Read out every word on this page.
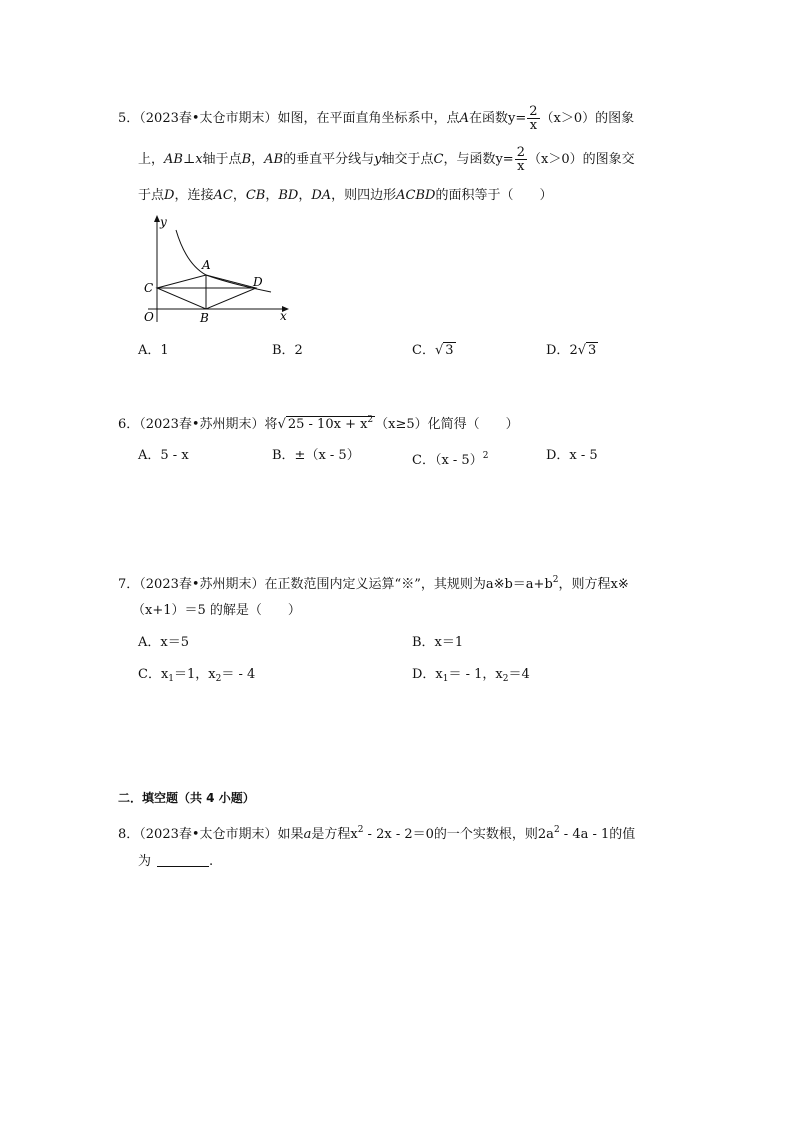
5．（2023春•太仓市期末）如图，在平面直角坐标系中，点A在函数$y= \frac{2}{x} (x>0)$的图象
上，AB⊥x轴于点B，AB的垂直平分线与y轴交于点C，与函数$y= \frac{2}{x} (x>0)$的图象交
于点D，连接AC，CB，BD，DA，则四边形ACBD的面积等于（　　）
y
x
O
A
B
C	D
A．1	B．2	C．√ 3	D．2√ 3
6．（2023春•苏州期末）将√ $25 - 10x + x^2$ （x≥5）化简得（　　）
A．5 - x	B．±（x - 5）	C．（x - 5）$^2$	D．x - 5
7．（2023春•苏州期末）在正数范围内定义运算“※”，其规则为$a※b=a+b^2$，则方程x※
（x+1）＝5 的解是（　　）
A．x＝5	B．x＝1
C．$x_1=1$，$x_2= - 4$	D．$x_1= - 1$，$x_2=4$
二．填空题（共 4 小题）
8．（2023春•太仓市期末）如果a是方程$x^2 - 2x - 2=0$的一个实数根，则$2a^2 - 4a - 1$的值
为	.
